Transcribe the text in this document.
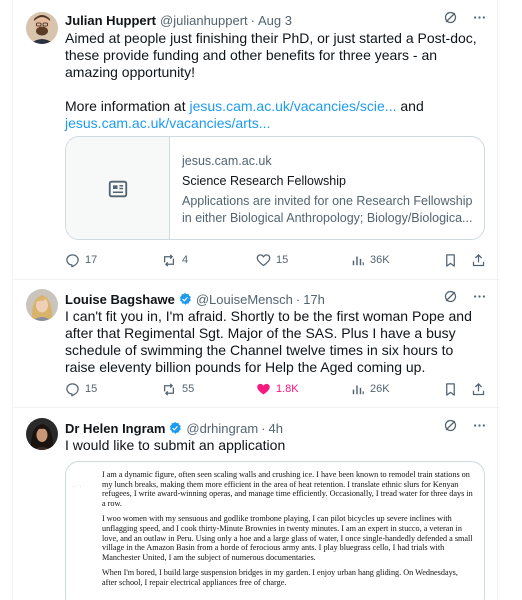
Julian Huppert @julianhuppert · Aug 3

Aimed at people just finishing their PhD, or just started a Post-doc, these provide funding and other benefits for three years - an amazing opportunity!

More information at jesus.cam.ac.uk/vacancies/scie... and
jesus.cam.ac.uk/vacancies/arts...

jesus.cam.ac.uk
Science Research Fellowship
Applications are invited for one Research Fellowship
in either Biological Anthropology; Biology/Biologica...
17	4	15	36K
Louise Bagshawe @LouiseMensch · 17h
I can't fit you in, I'm afraid. Shortly to be the first woman Pope and after that Regimental Sgt. Major of the SAS. Plus I have a busy schedule of swimming the Channel twelve times in six hours to raise eleventy billion pounds for Help the Aged coming up.
15	55	1.8K	26K
Dr Helen Ingram @drhingram · 4h
I would like to submit an application
· · ·

I am a dynamic figure, often seen scaling walls and crushing ice. I have been known to remodel train stations on my lunch breaks, making them more efficient in the area of heat retention. I translate ethnic slurs for Kenyan refugees, I write award-winning operas, and manage time efficiently. Occasionally, I tread water for three days in a row.

I woo women with my sensuous and godlike trombone playing, I can pilot bicycles up severe inclines with unflagging speed, and I cook thirty-Minute Brownies in twenty minutes. I am an expert in stucco, a veteran in love, and an outlaw in Peru. Using only a hoe and a large glass of water, I once single-handedly defended a small village in the Amazon Basin from a horde of ferocious army ants. I play bluegrass cello, I had trials with Manchester United, I am the subject of numerous documentaries.

When I'm bored, I build large suspension bridges in my garden. I enjoy urban hang gliding. On Wednesdays, after school, I repair electrical appliances free of charge.
